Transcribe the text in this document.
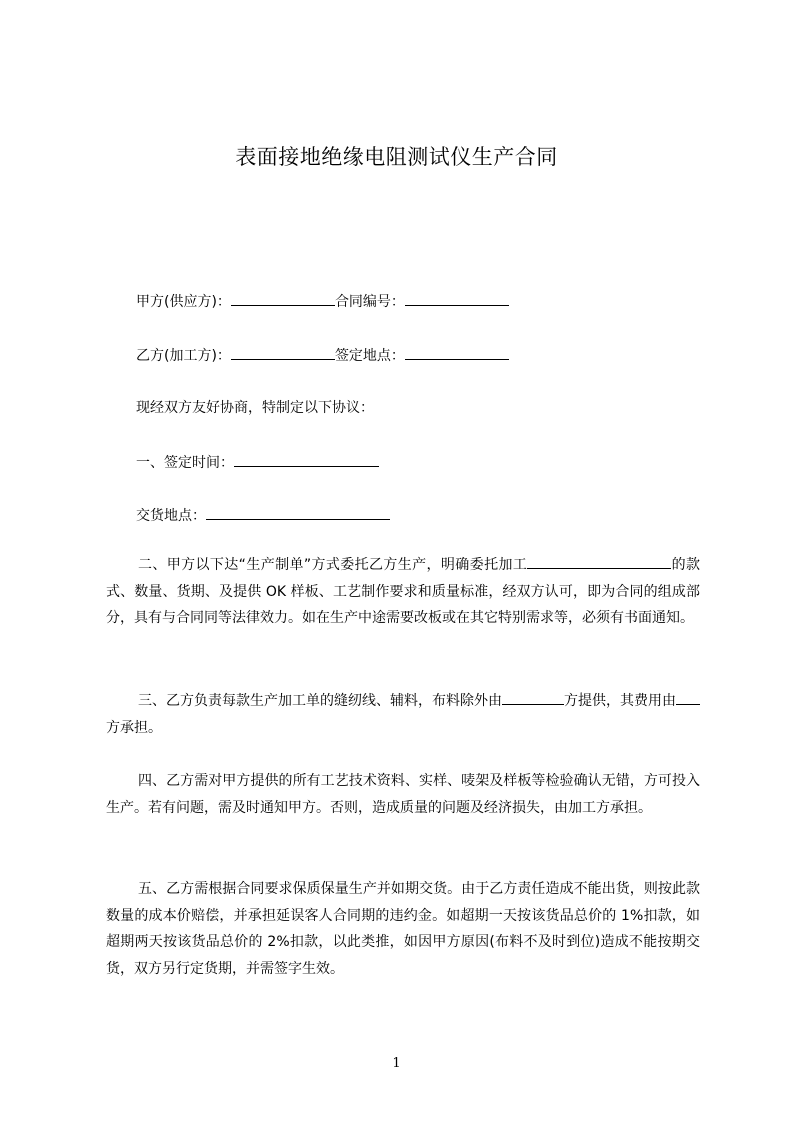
表面接地绝缘电阻测试仪生产合同
甲方(供应方)：	合同编号：
乙方(加工方)：	签定地点：
现经双方友好协商，特制定以下协议：
一、签定时间：
交货地点：
二、甲方以下达“生产制单”方式委托乙方生产，明确委托加工	的款式、数量、货期、及提供 OK 样板、工艺制作要求和质量标准，经双方认可，即为合同的组成部分，具有与合同同等法律效力。如在生产中途需要改板或在其它特别需求等，必须有书面通知。
三、乙方负责每款生产加工单的缝纫线、辅料，布料除外由	方提供，其费用由方承担。
四、乙方需对甲方提供的所有工艺技术资料、实样、唛架及样板等检验确认无错，方可投入生产。若有问题，需及时通知甲方。否则，造成质量的问题及经济损失，由加工方承担。
五、乙方需根据合同要求保质保量生产并如期交货。由于乙方责任造成不能出货，则按此款数量的成本价赔偿，并承担延误客人合同期的违约金。如超期一天按该货品总价的 1%扣款，如超期两天按该货品总价的 2%扣款，以此类推，如因甲方原因(布料不及时到位)造成不能按期交货，双方另行定货期，并需签字生效。
1
